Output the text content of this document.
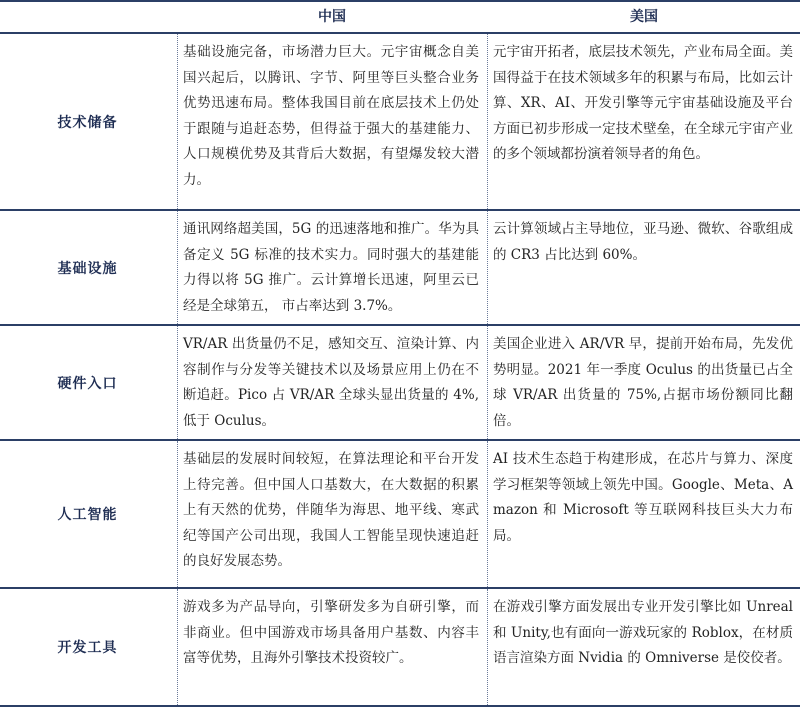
中国	美国
技术储备
基础设施完备，市场潜力巨大。元宇宙概念自美国兴起后，以腾讯、字节、阿里等巨头整合业务优势迅速布局。整体我国目前在底层技术上仍处于跟随与追赶态势，但得益于强大的基建能力、人口规模优势及其背后大数据，有望爆发较大潜力。
元宇宙开拓者，底层技术领先，产业布局全面。美国得益于在技术领域多年的积累与布局，比如云计算、XR、AI、开发引擎等元宇宙基础设施及平台方面已初步形成一定技术壁垒，在全球元宇宙产业的多个领域都扮演着领导者的角色。
基础设施
通讯网络超美国，5G 的迅速落地和推广。华为具备定义 5G 标准的技术实力。同时强大的基建能力得以将 5G 推广。云计算增长迅速，阿里云已经是全球第五， 市占率达到 3.7%。
云计算领域占主导地位，亚马逊、微软、谷歌组成的 CR3 占比达到 60%。
硬件入口
VR/AR 出货量仍不足，感知交互、渲染计算、内容制作与分发等关键技术以及场景应用上仍在不断追赶。Pico 占 VR/AR 全球头显出货量的 4%,低于 Oculus。
美国企业进入 AR/VR 早，提前开始布局，先发优势明显。2021 年一季度 Oculus 的出货量已占全球 VR/AR 出货量的 75%,占据市场份额同比翻倍。
人工智能
基础层的发展时间较短，在算法理论和平台开发上待完善。但中国人口基数大，在大数据的积累上有天然的优势，伴随华为海思、地平线、寒武纪等国产公司出现，我国人工智能呈现快速追赶的良好发展态势。
AI 技术生态趋于构建形成，在芯片与算力、深度学习框架等领域上领先中国。Google、Meta、Amazon 和 Microsoft 等互联网科技巨头大力布局。
开发工具
游戏多为产品导向，引擎研发多为自研引擎，而非商业。但中国游戏市场具备用户基数、内容丰富等优势，且海外引擎技术投资较广。
在游戏引擎方面发展出专业开发引擎比如 Unreal 和 Unity,也有面向一游戏玩家的 Roblox，在材质语言渲染方面 Nvidia 的 Omniverse 是佼佼者。
